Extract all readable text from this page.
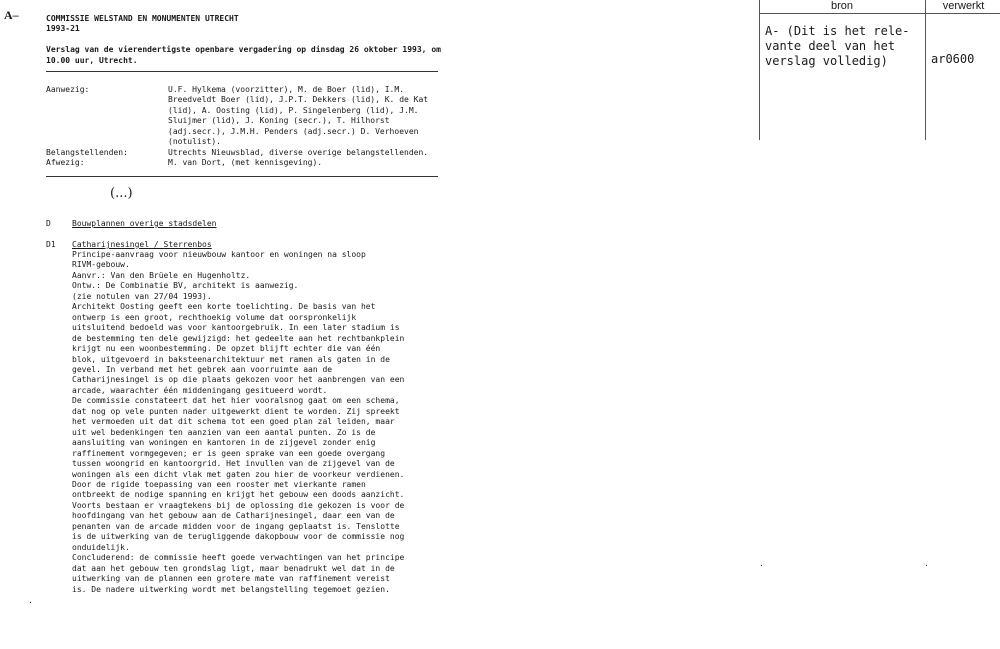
A–	COMMISSIE WELSTAND EN MONUMENTEN UTRECHT
1993-21
Verslag van de vierendertigste openbare vergadering op dinsdag 26 oktober 1993, om 10.00 uur, Utrecht.
Aanwezig:	U.F. Hylkema (voorzitter), M. de Boer (lid), I.M.
Breedveldt Boer (lid), J.P.T. Dekkers (lid), K. de Kat
(lid), A. Oosting (lid), P. Singelenberg (lid), J.M.
Sluijmer (lid), J. Koning (secr.), T. Hilhorst
(adj.secr.), J.M.H. Penders (adj.secr.) D. Verhoeven
(notulist).
Belangstellenden:	Utrechts Nieuwsblad, diverse overige belangstellenden.
Afwezig:	M. van Dort, (met kennisgeving).
(...)
D	Bouwplannen overige stadsdelen
D1 Catharijnesingel / Sterrenbos
Principe-aanvraag voor nieuwbouw kantoor en woningen na sloop
RIVM-gebouw.
Aanvr.: Van den Brüele en Hugenholtz.
Ontw.: De Combinatie BV, architekt is aanwezig.
(zie notulen van 27/04 1993).
Architekt Oosting geeft een korte toelichting. De basis van het
ontwerp is een groot, rechthoekig volume dat oorspronkelijk
uitsluitend bedoeld was voor kantoorgebruik. In een later stadium is
de bestemming ten dele gewijzigd: het gedeelte aan het rechtbankplein
krijgt nu een woonbestemming. De opzet blijft echter die van één
blok, uitgevoerd in baksteenarchitektuur met ramen als gaten in de
gevel. In verband met het gebrek aan voorruimte aan de
Catharijnesingel is op die plaats gekozen voor het aanbrengen van een
arcade, waarachter één middeningang gesitueerd wordt.
De commissie constateert dat het hier vooralsnog gaat om een schema,
dat nog op vele punten nader uitgewerkt dient te worden. Zij spreekt
het vermoeden uit dat dit schema tot een goed plan zal leiden, maar
uit wel bedenkingen ten aanzien van een aantal punten. Zo is de
aansluiting van woningen en kantoren in de zijgevel zonder enig
raffinement vormgegeven; er is geen sprake van een goede overgang
tussen woongrid en kantoorgrid. Het invullen van de zijgevel van de
woningen als een dicht vlak met gaten zou hier de voorkeur verdienen.
Door de rigide toepassing van een rooster met vierkante ramen
ontbreekt de nodige spanning en krijgt het gebouw een doods aanzicht.
Voorts bestaan er vraagtekens bij de oplossing die gekozen is voor de
hoofdingang van het gebouw aan de Catharijnesingel, daar een van de
penanten van de arcade midden voor de ingang geplaatst is. Tenslotte
is de uitwerking van de terugliggende dakopbouw voor de commissie nog
onduidelijk.
Concluderend: de commissie heeft goede verwachtingen van het principe
dat aan het gebouw ten grondslag ligt, maar benadrukt wel dat in de
uitwerking van de plannen een grotere mate van raffinement vereist
is. De nadere uitwerking wordt met belangstelling tegemoet gezien.
·
bron	verwerkt
A- (Dit is het rele-
vante deel van het
verslag volledig)	ar0600
·	·
